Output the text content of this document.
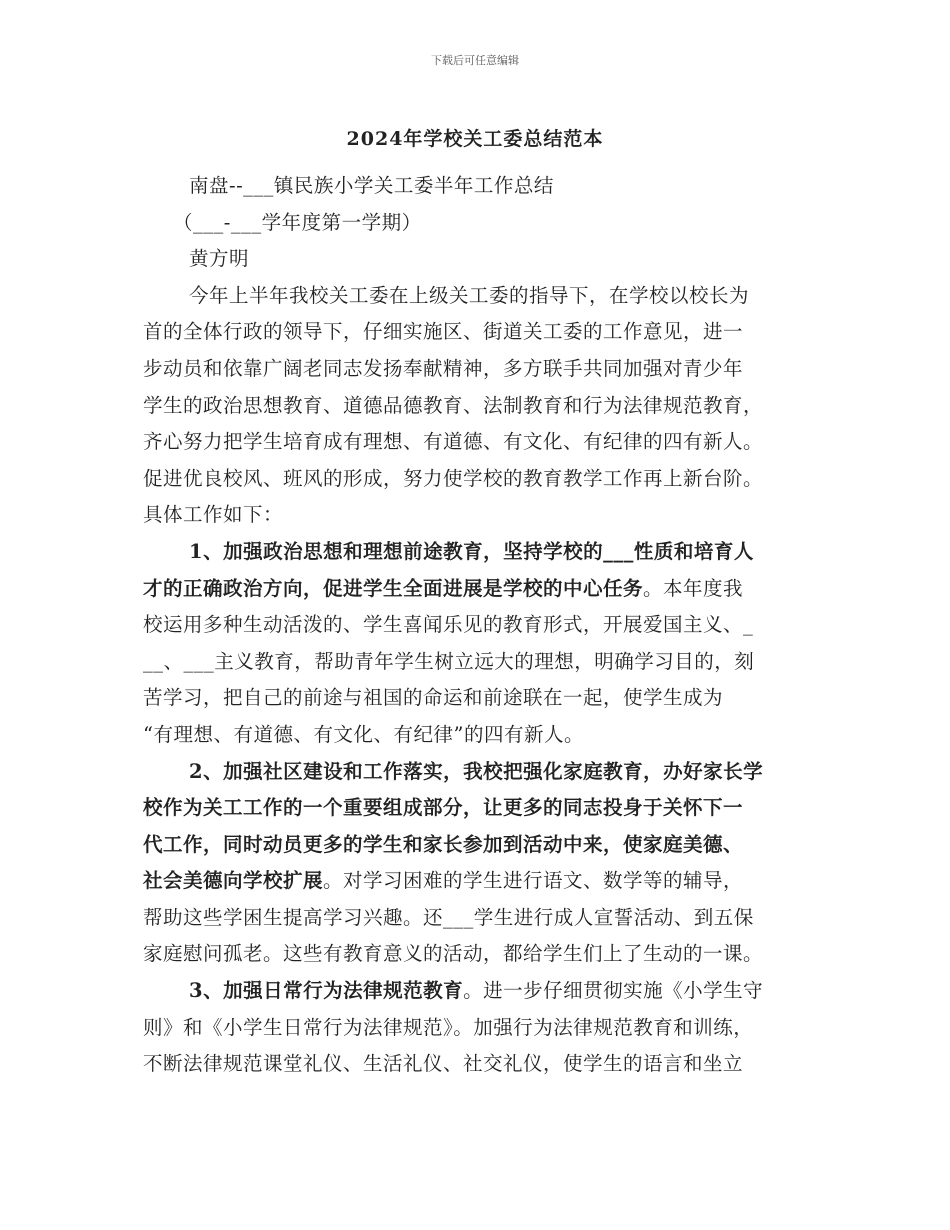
下载后可任意编辑
2024年学校关工委总结范本

南盘--___镇民族小学关工委半年工作总结

（___-___学年度第一学期）

黄方明

今年上半年我校关工委在上级关工委的指导下，在学校以校长为

首的全体行政的领导下，仔细实施区、街道关工委的工作意见，进一

步动员和依靠广阔老同志发扬奉献精神，多方联手共同加强对青少年

学生的政治思想教育、道德品德教育、法制教育和行为法律规范教育，

齐心努力把学生培育成有理想、有道德、有文化、有纪律的四有新人。

促进优良校风、班风的形成，努力使学校的教育教学工作再上新台阶。

具体工作如下：

1、加强政治思想和理想前途教育，坚持学校的___性质和培育人

才的正确政治方向，促进学生全面进展是学校的中心任务。本年度我

校运用多种生动活泼的、学生喜闻乐见的教育形式，开展爱国主义、_

__、___主义教育，帮助青年学生树立远大的理想，明确学习目的，刻

苦学习，把自己的前途与祖国的命运和前途联在一起，使学生成为

“有理想、有道德、有文化、有纪律”的四有新人。

2、加强社区建设和工作落实，我校把强化家庭教育，办好家长学

校作为关工工作的一个重要组成部分，让更多的同志投身于关怀下一

代工作，同时动员更多的学生和家长参加到活动中来，使家庭美德、

社会美德向学校扩展。对学习困难的学生进行语文、数学等的辅导，

帮助这些学困生提高学习兴趣。还___学生进行成人宣誓活动、到五保

家庭慰问孤老。这些有教育意义的活动，都给学生们上了生动的一课。

3、加强日常行为法律规范教育。进一步仔细贯彻实施《小学生守

则》和《小学生日常行为法律规范》。加强行为法律规范教育和训练，

不断法律规范课堂礼仪、生活礼仪、社交礼仪，使学生的语言和坐立
